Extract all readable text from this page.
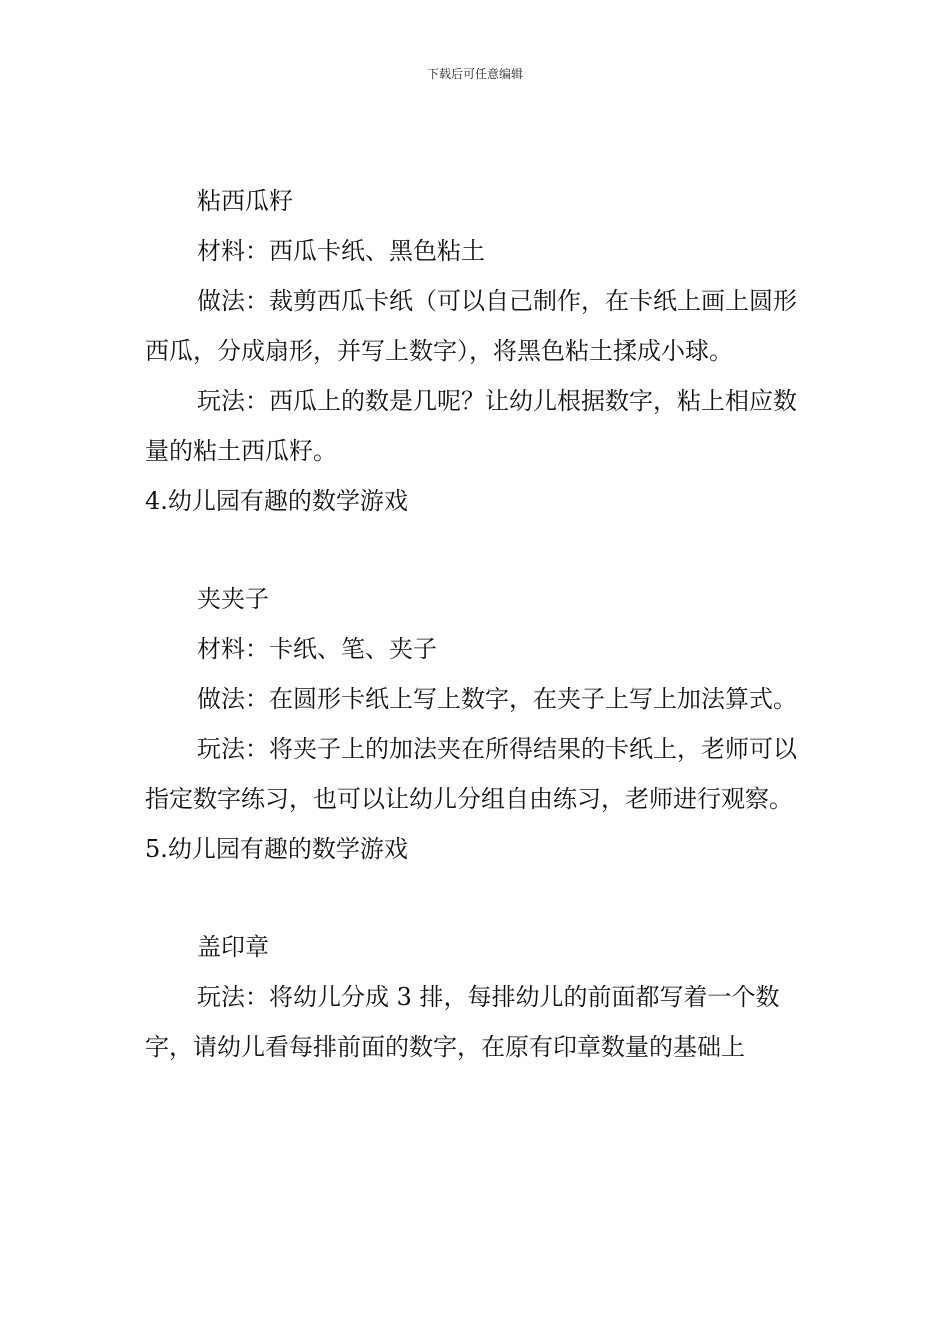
下载后可任意编辑

粘西瓜籽

材料：西瓜卡纸、黑色粘土

做法：裁剪西瓜卡纸（可以自己制作，在卡纸上画上圆形西瓜，分成扇形，并写上数字），将黑色粘土揉成小球。

玩法：西瓜上的数是几呢？让幼儿根据数字，粘上相应数量的粘土西瓜籽。

4.幼儿园有趣的数学游戏

夹夹子

材料：卡纸、笔、夹子

做法：在圆形卡纸上写上数字，在夹子上写上加法算式。

玩法：将夹子上的加法夹在所得结果的卡纸上，老师可以指定数字练习，也可以让幼儿分组自由练习，老师进行观察。

5.幼儿园有趣的数学游戏

盖印章

玩法：将幼儿分成 3 排，每排幼儿的前面都写着一个数字，请幼儿看每排前面的数字，在原有印章数量的基础上
